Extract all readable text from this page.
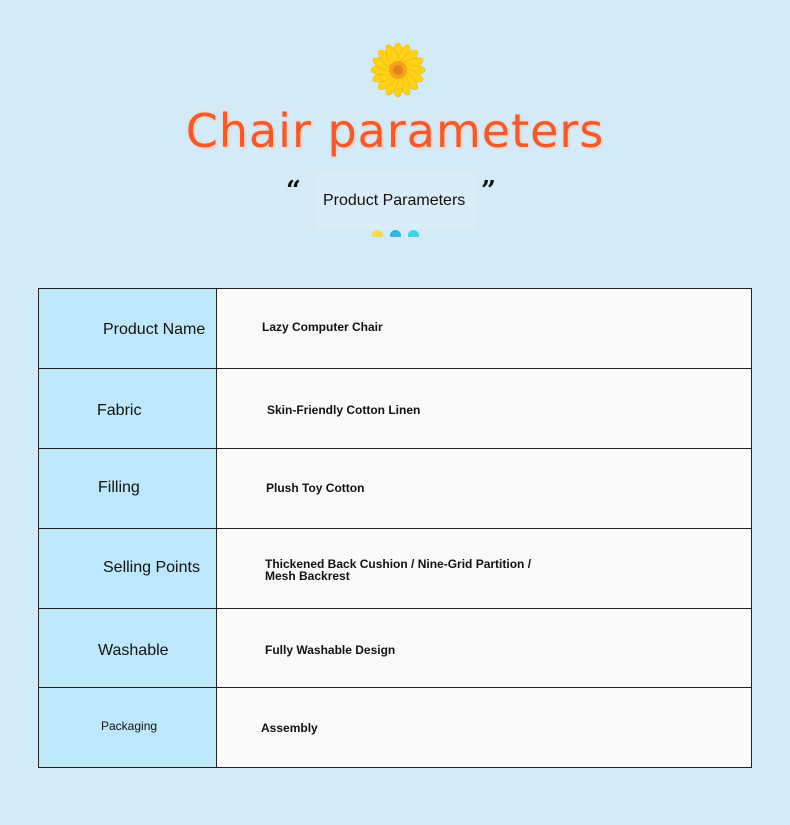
Chair parameters
“	Product Parameters ”
Product Name	Lazy Computer Chair

Fabric	Skin-Friendly Cotton Linen

Filling	Plush Toy Cotton

Selling Points	Thickened Back Cushion / Nine-Grid Partition / Mesh Backrest

Washable	Fully Washable Design

Packaging	Assembly
